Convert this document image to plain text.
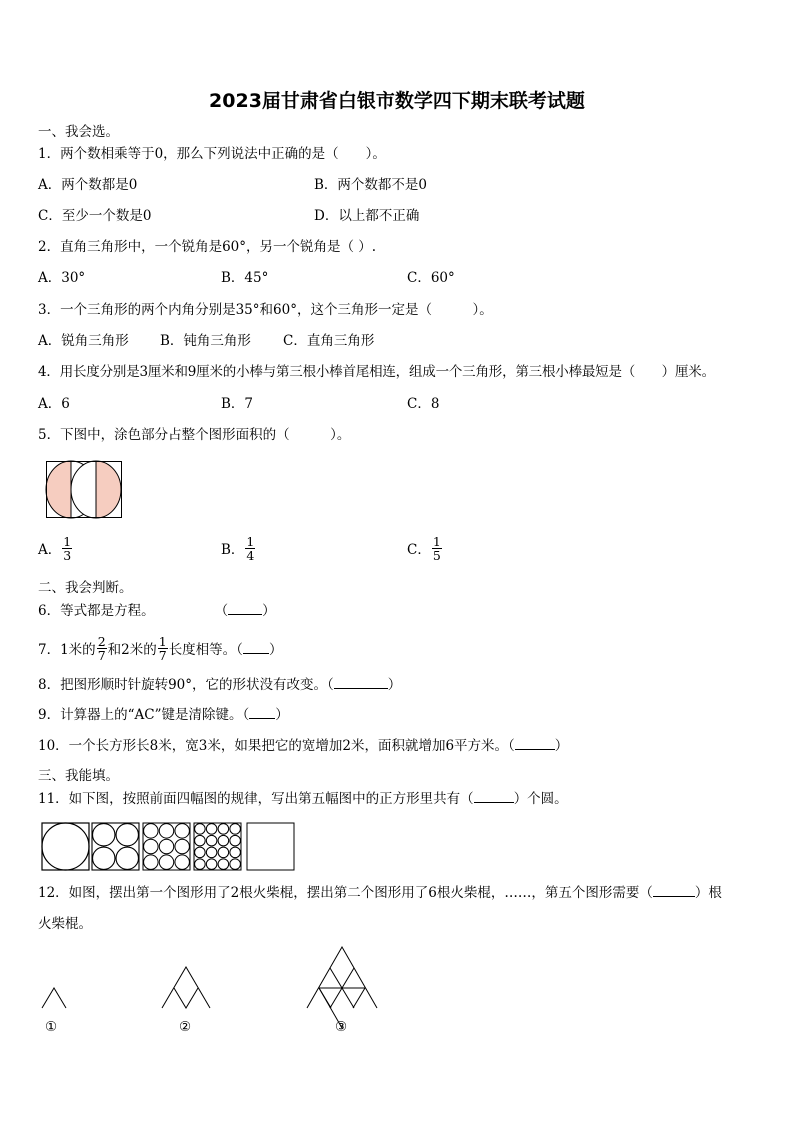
2023届甘肃省白银市数学四下期末联考试题
一、我会选。
1．两个数相乘等于0，那么下列说法中正确的是（　　）。
A．两个数都是0	B．两个数都不是0
C．至少一个数是0	D．以上都不正确
2．直角三角形中，一个锐角是60°，另一个锐角是（ ）.
A．30°	B．45°	C．60°
3．一个三角形的两个内角分别是35°和60°，这个三角形一定是（　　　）。
A．锐角三角形 B．钝角三角形 C．直角三角形
4．用长度分别是3厘米和9厘米的小棒与第三根小棒首尾相连，组成一个三角形，第三根小棒最短是（　　）厘米。
A．6	B．7	C．8
5．下图中，涂色部分占整个图形面积的（　　　）。
A． $\frac{1}{3}$	B． $\frac{1}{4}$	C． $\frac{1}{5}$
二、我会判断。
6．等式都是方程。	（	）
7．1米的 $\frac{2}{7}$ 和2米的 $\frac{1}{7}$ 长度相等。（ ）
8．把图形顺时针旋转90°，它的形状没有改变。（	）
9．计算器上的“AC”键是清除键。（ ）
10．一个长方形长8米，宽3米，如果把它的宽增加2米，面积就增加6平方米。（	）
三、我能填。
11．如下图，按照前面四幅图的规律，写出第五幅图中的正方形里共有（	）个圆。
12．如图，摆出第一个图形用了2根火柴棍，摆出第二个图形用了6根火柴棍，……，第五个图形需要（	）根
火柴棍。
①	②	③
